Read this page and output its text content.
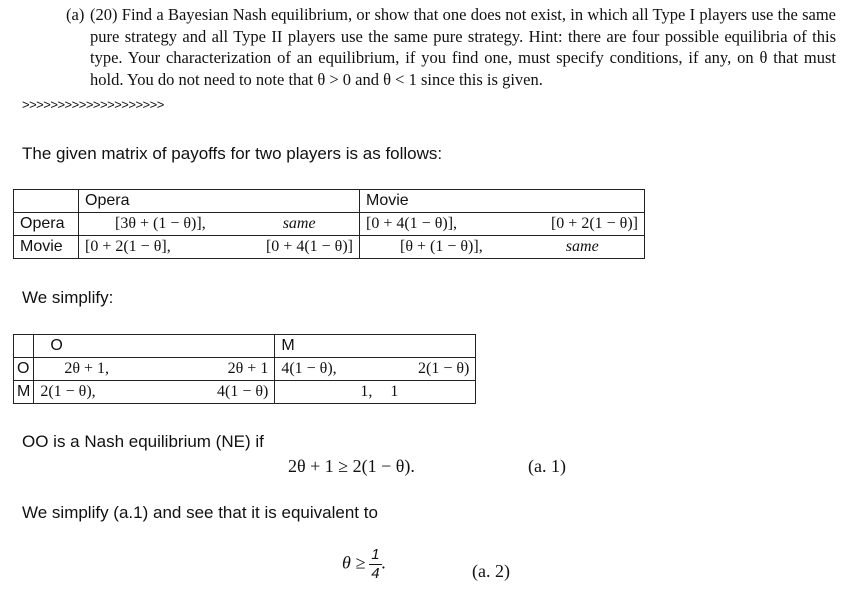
(a) (20) Find a Bayesian Nash equilibrium, or show that one does not exist, in which all Type I players use the same pure strategy and all Type II players use the same pure strategy. Hint: there are four possible equilibria of this type. Your characterization of an equilibrium, if you find one, must specify conditions, if any, on θ that must hold. You do not need to note that θ > 0 and θ < 1 since this is given.
>>>>>>>>>>>>>>>>>>>>
The given matrix of payoffs for two players is as follows:
	Opera		Movie	
Opera	[3θ + (1 − θ)],	same	[0 + 4(1 − θ)],	[0 + 2(1 − θ)]
Movie	[0 + 2(1 − θ],	[0 + 4(1 − θ)]	[θ + (1 − θ)],	same
We simplify:
	O		M	
O	2θ + 1,	2θ + 1	4(1 − θ),	2(1 − θ)
M	2(1 − θ),	4(1 − θ)	1,	1
OO is a Nash equilibrium (NE) if
2θ + 1 ≥ 2(1 − θ).	(a. 1)
We simplify (a.1) and see that it is equivalent to
$\theta \ge \frac{1}{4}$ .	(a. 2)
